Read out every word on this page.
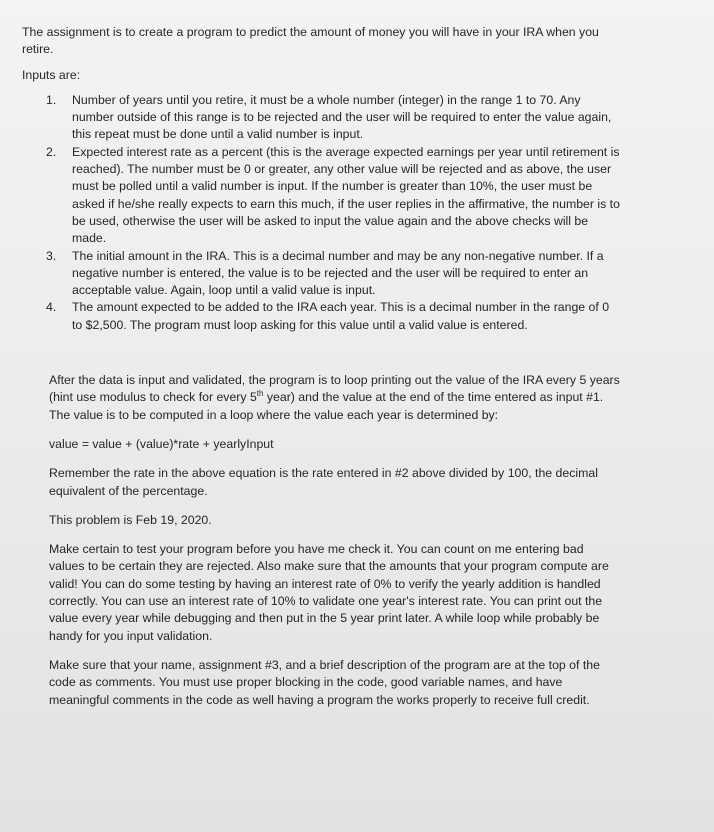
The assignment is to create a program to predict the amount of money you will have in your IRA when you retire.

Inputs are:

1. Number of years until you retire, it must be a whole number (integer) in the range 1 to 70. Any number outside of this range is to be rejected and the user will be required to enter the value again, this repeat must be done until a valid number is input.
2. Expected interest rate as a percent (this is the average expected earnings per year until retirement is reached). The number must be 0 or greater, any other value will be rejected and as above, the user must be polled until a valid number is input. If the number is greater than 10%, the user must be asked if he/she really expects to earn this much, if the user replies in the affirmative, the number is to be used, otherwise the user will be asked to input the value again and the above checks will be made.
3. The initial amount in the IRA. This is a decimal number and may be any non-negative number. If a negative number is entered, the value is to be rejected and the user will be required to enter an acceptable value. Again, loop until a valid value is input.
4. The amount expected to be added to the IRA each year. This is a decimal number in the range of 0 to $2,500. The program must loop asking for this value until a valid value is entered.

After the data is input and validated, the program is to loop printing out the value of the IRA every 5 years (hint use modulus to check for every 5th year) and the value at the end of the time entered as input #1. The value is to be computed in a loop where the value each year is determined by:

value = value + (value)*rate + yearlyInput

Remember the rate in the above equation is the rate entered in #2 above divided by 100, the decimal equivalent of the percentage.

This problem is Feb 19, 2020.

Make certain to test your program before you have me check it. You can count on me entering bad values to be certain they are rejected. Also make sure that the amounts that your program compute are valid! You can do some testing by having an interest rate of 0% to verify the yearly addition is handled correctly. You can use an interest rate of 10% to validate one year's interest rate. You can print out the value every year while debugging and then put in the 5 year print later. A while loop while probably be handy for you input validation.

Make sure that your name, assignment #3, and a brief description of the program are at the top of the code as comments. You must use proper blocking in the code, good variable names, and have meaningful comments in the code as well having a program the works properly to receive full credit.
